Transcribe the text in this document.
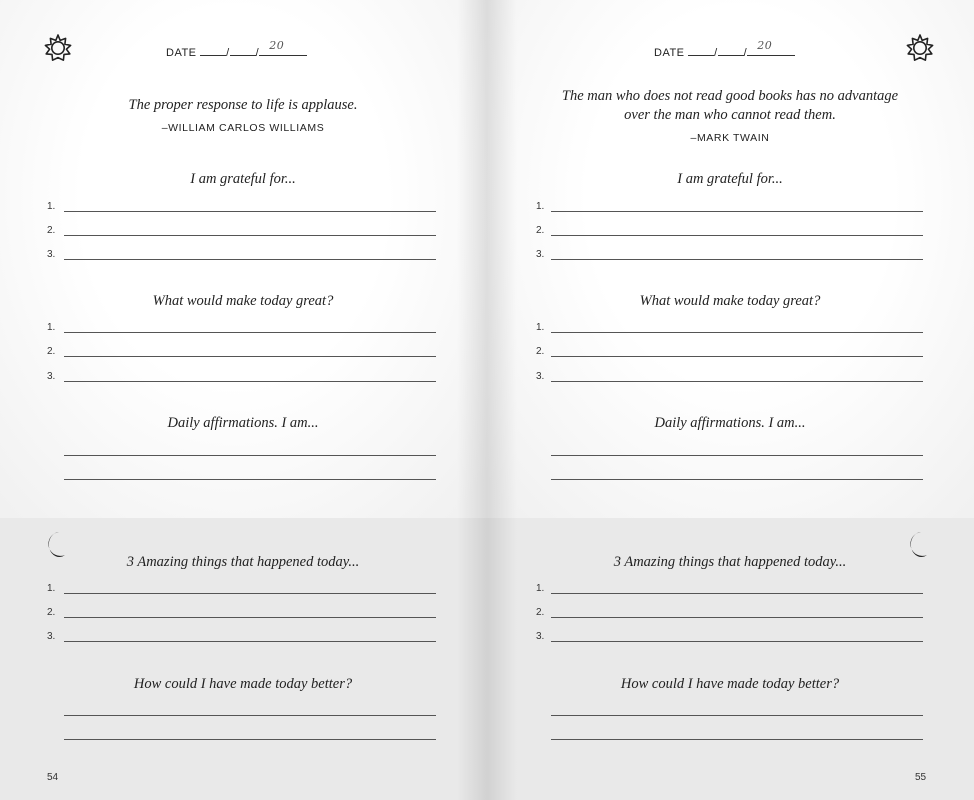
DATE	/ /
20
The proper response to life is applause.
–WILLIAM CARLOS WILLIAMS
I am grateful for...
1.
2.
3.
What would make today great?
1.
2.
3.
Daily affirmations. I am...
3 Amazing things that happened today...
1.
2.
3.
How could I have made today better?
54
DATE	/ /
20
The man who does not read good books has no advantage
over the man who cannot read them.
–MARK TWAIN
I am grateful for...
1.
2.
3.
What would make today great?
1.
2.
3.
Daily affirmations. I am...
3 Amazing things that happened today...
1.
2.
3.
How could I have made today better?
55
